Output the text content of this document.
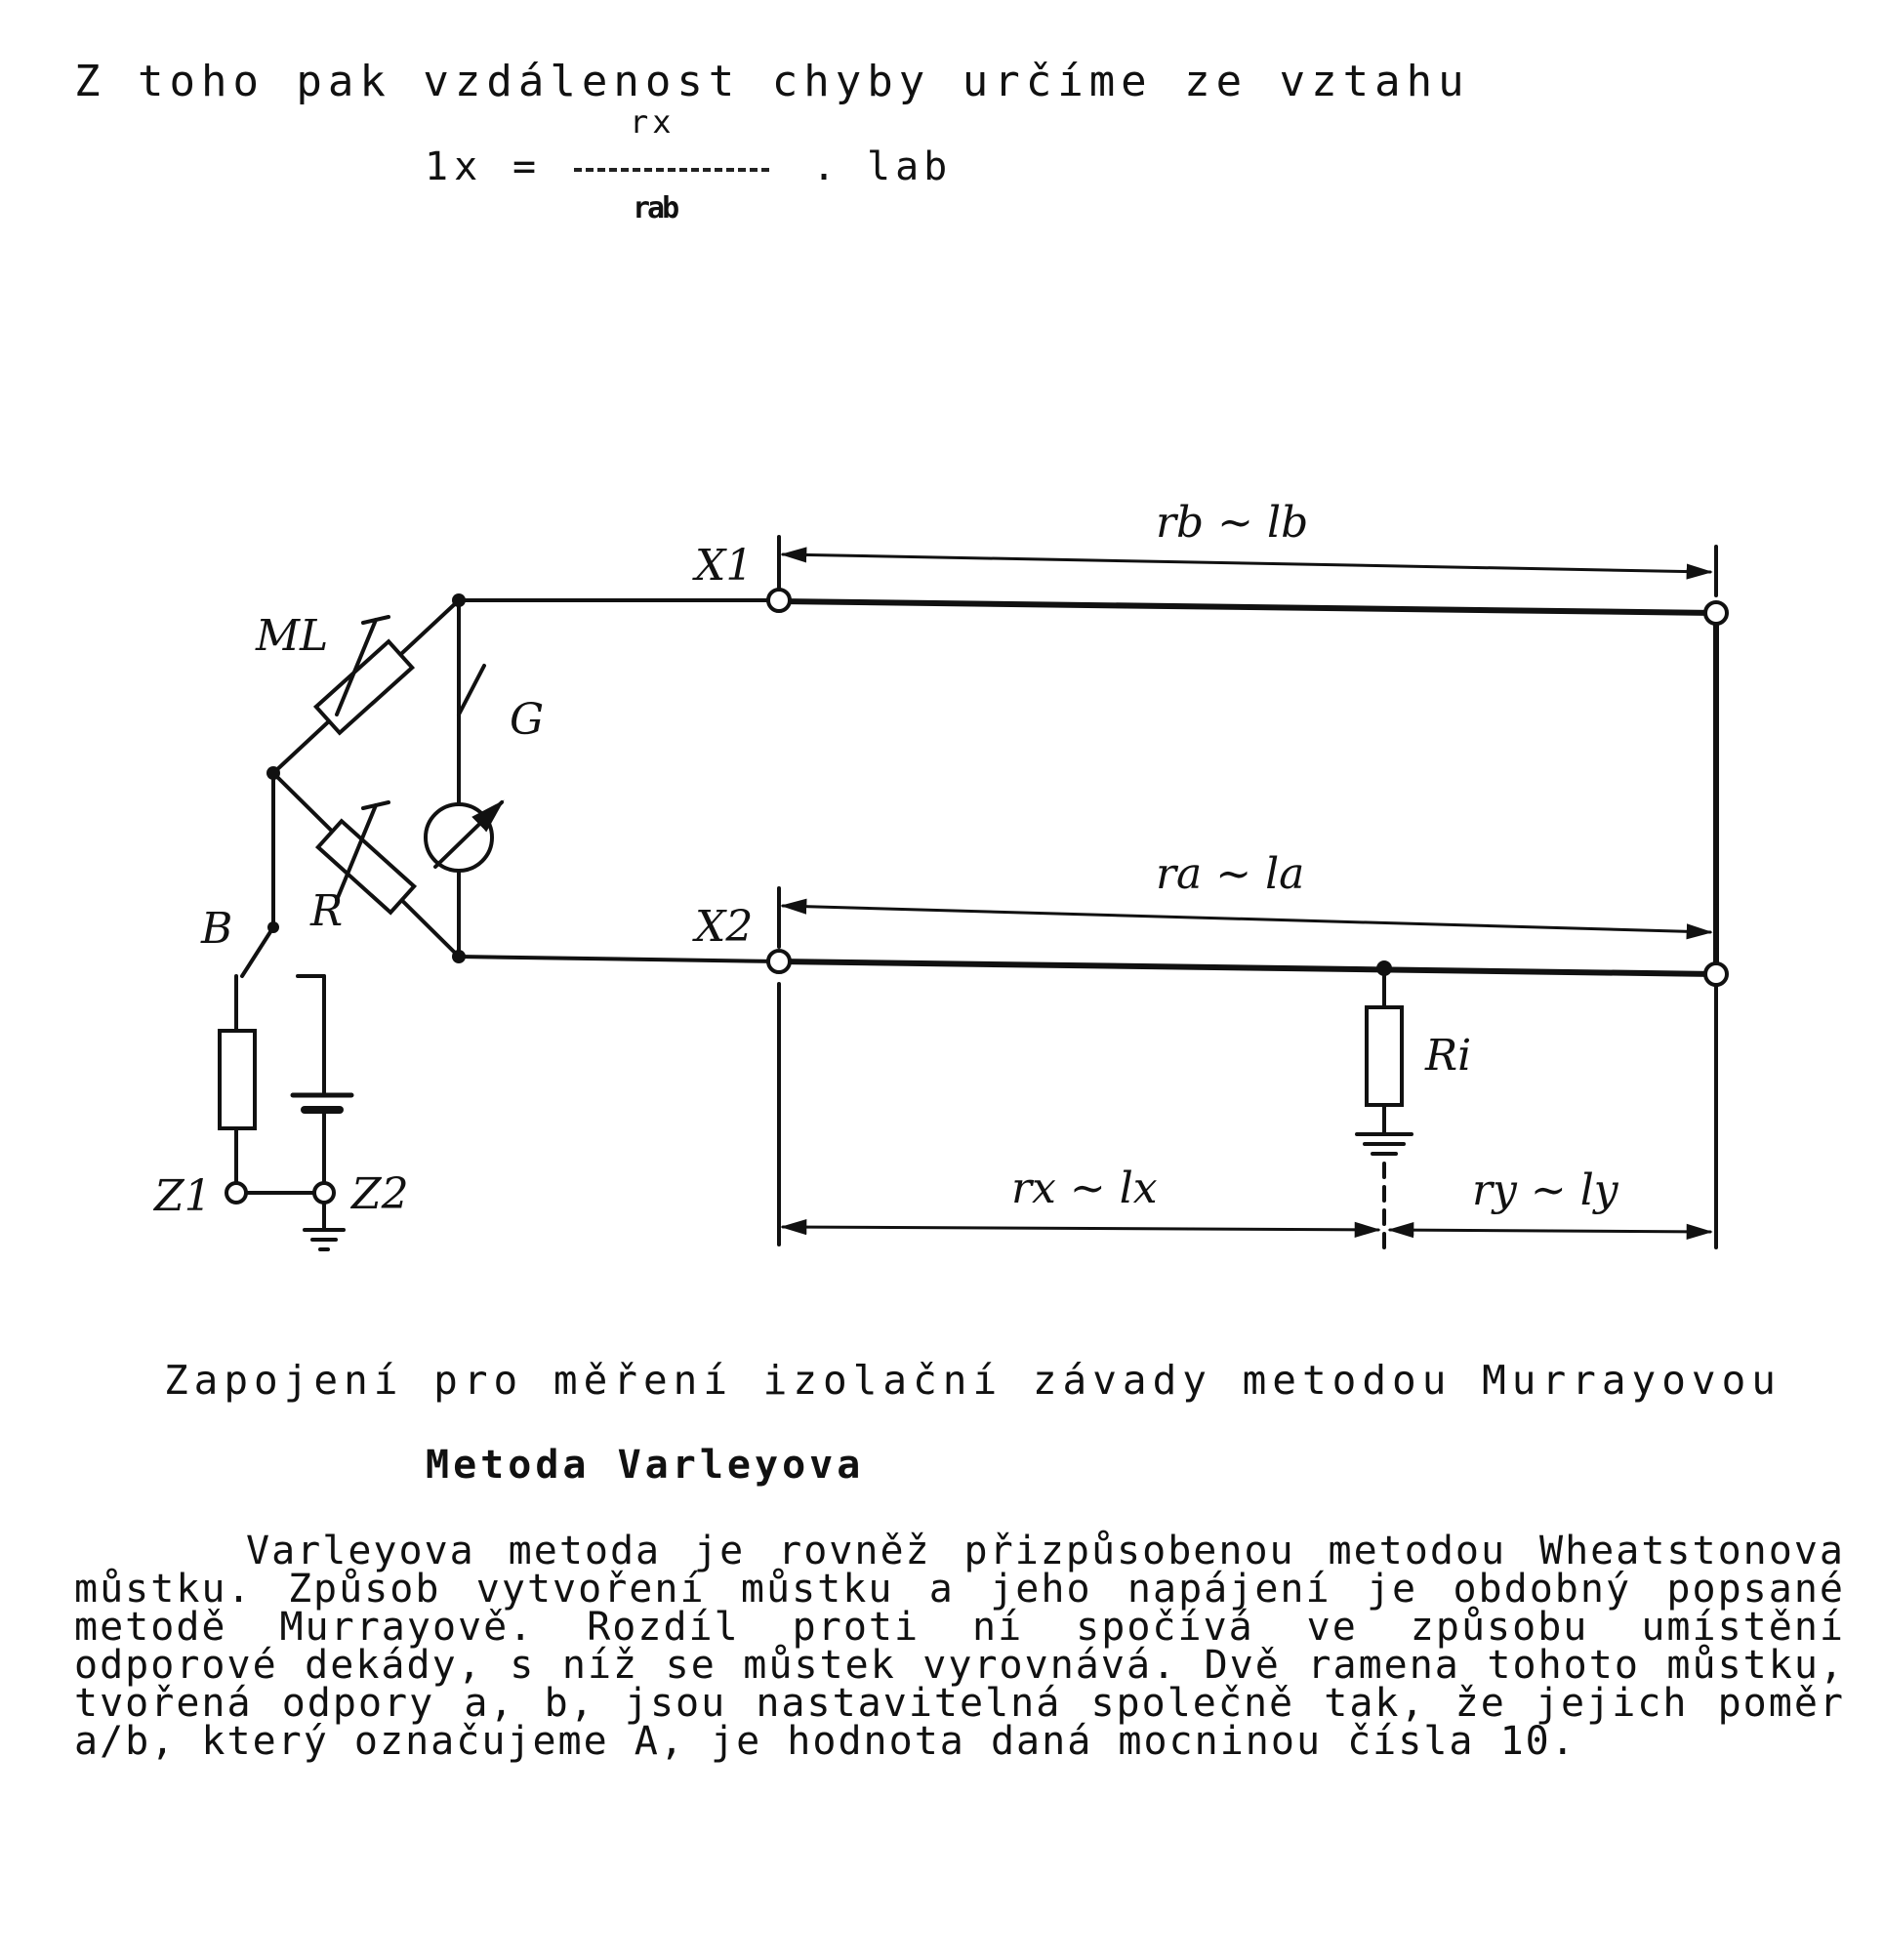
Z toho pak vzdálenost chyby určíme ze vztahu
rx
1x =	. lab
rab
ML
G
R
B
Z1	Z2
X1
X2
Ri
rb ~ lb
ra ~ la
rx ~ lx	ry ~ ly
Zapojení pro měření izolační závady metodou Murrayovou
Metoda Varleyova
Varleyova metoda je rovněž přizpůsobenou metodou Wheatstonova můstku. Způsob vytvoření můstku a jeho napájení je obdobný popsané metodě Murrayově. Rozdíl proti ní spočívá ve způsobu umístění odporové dekády, s níž se můstek vyrovnává. Dvě ramena tohoto můstku, tvořená odpory a, b, jsou nastavitelná společně tak, že jejich poměr a/b, který označujeme A, je hodnota daná mocninou čísla 10.
